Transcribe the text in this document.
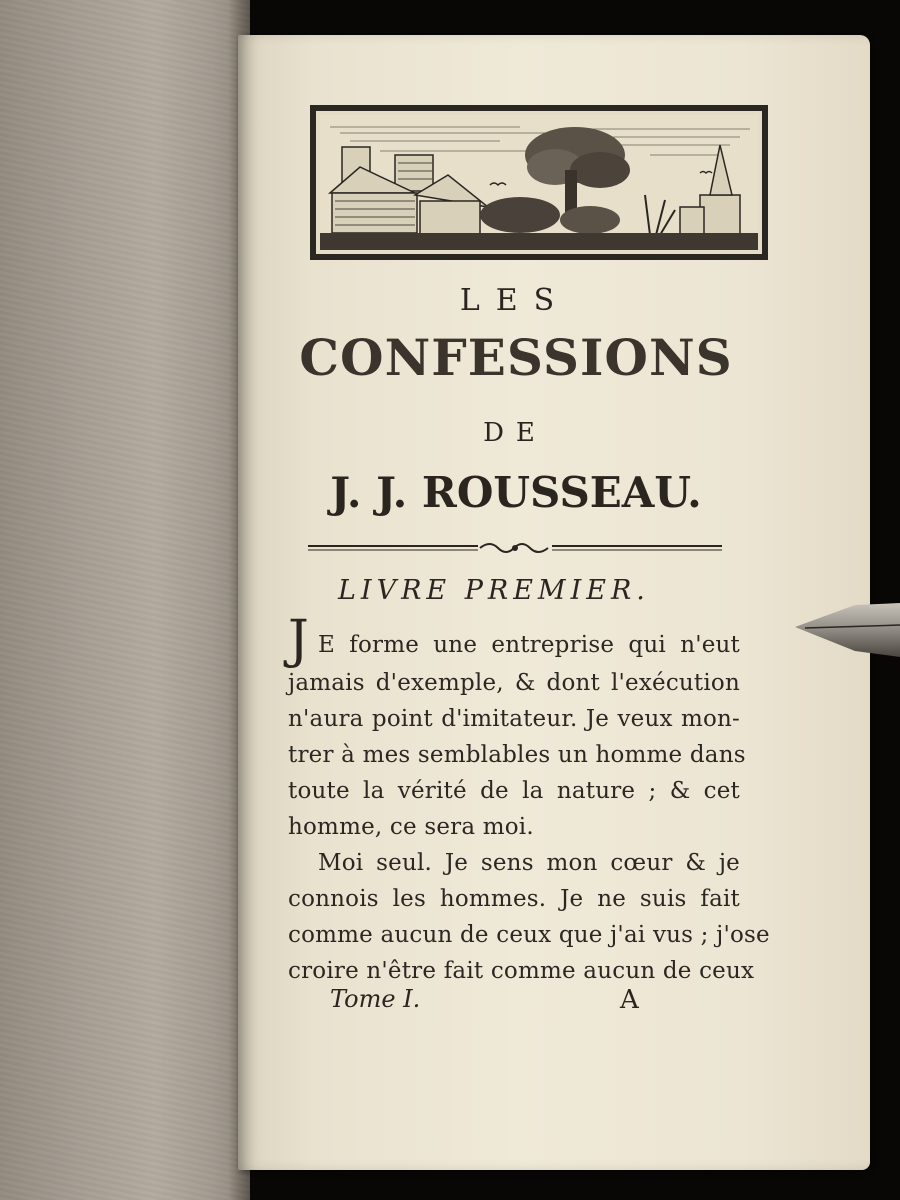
LES
CONFESSIONS
DE
J. J. ROUSSEAU.
LIVRE PREMIER.
J E forme une entreprise qui n'eut
jamais d'exemple, & dont l'exécution
n'aura point d'imitateur. Je veux mon-
trer à mes semblables un homme dans
toute la vérité de la nature ; & cet
homme, ce sera moi.
Moi seul. Je sens mon cœur & je
connois les hommes. Je ne suis fait
comme aucun de ceux que j'ai vus ; j'ose
croire n'être fait comme aucun de ceux
Tome I.	A
